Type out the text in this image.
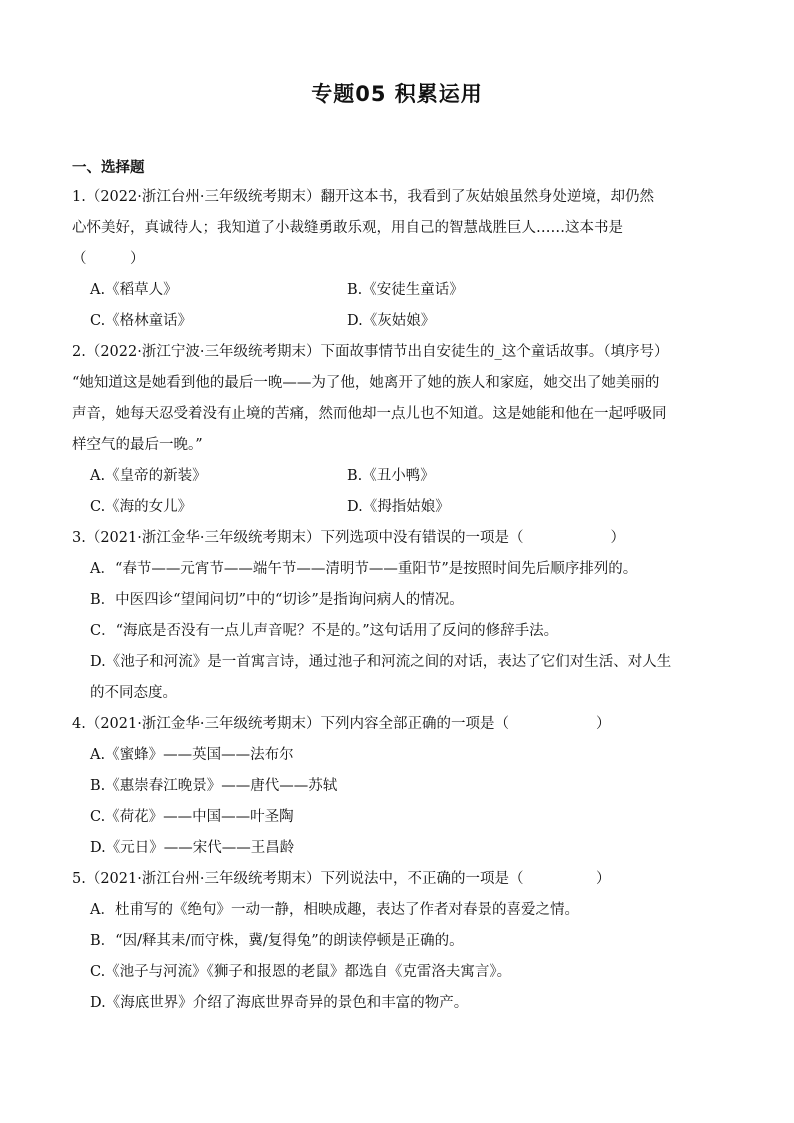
专题05 积累运用
一、选择题

1.（2022·浙江台州·三年级统考期末）翻开这本书，我看到了灰姑娘虽然身处逆境，却仍然

心怀美好，真诚待人；我知道了小裁缝勇敢乐观，用自己的智慧战胜巨人……这本书是

（　　　）

A.《稻草人》	B.《安徒生童话》
C.《格林童话》	D.《灰姑娘》

2.（2022·浙江宁波·三年级统考期末）下面故事情节出自安徒生的_这个童话故事。（填序号）

“她知道这是她看到他的最后一晚——为了他，她离开了她的族人和家庭，她交出了她美丽的

声音，她每天忍受着没有止境的苦痛，然而他却一点儿也不知道。这是她能和他在一起呼吸同

样空气的最后一晚。”

A.《皇帝的新装》	B.《丑小鸭》
C.《海的女儿》	D.《拇指姑娘》

3.（2021·浙江金华·三年级统考期末）下列选项中没有错误的一项是（　　　　　　）

A．“春节——元宵节——端午节——清明节——重阳节”是按照时间先后顺序排列的。
B．中医四诊“望闻问切”中的“切诊”是指询问病人的情况。
C．“海底是否没有一点儿声音呢？不是的。”这句话用了反问的修辞手法。
D.《池子和河流》是一首寓言诗，通过池子和河流之间的对话，表达了它们对生活、对人生
的不同态度。

4.（2021·浙江金华·三年级统考期末）下列内容全部正确的一项是（　　　　　　）

A.《蜜蜂》——英国——法布尔
B.《惠崇春江晚景》——唐代——苏轼
C.《荷花》——中国——叶圣陶
D.《元日》——宋代——王昌龄

5.（2021·浙江台州·三年级统考期末）下列说法中，不正确的一项是（　　　　　）

A．杜甫写的《绝句》一动一静，相映成趣，表达了作者对春景的喜爱之情。
B．“因/释其耒/而守株，冀/复得兔”的朗读停顿是正确的。
C.《池子与河流》《狮子和报恩的老鼠》都选自《克雷洛夫寓言》。
D.《海底世界》介绍了海底世界奇异的景色和丰富的物产。
